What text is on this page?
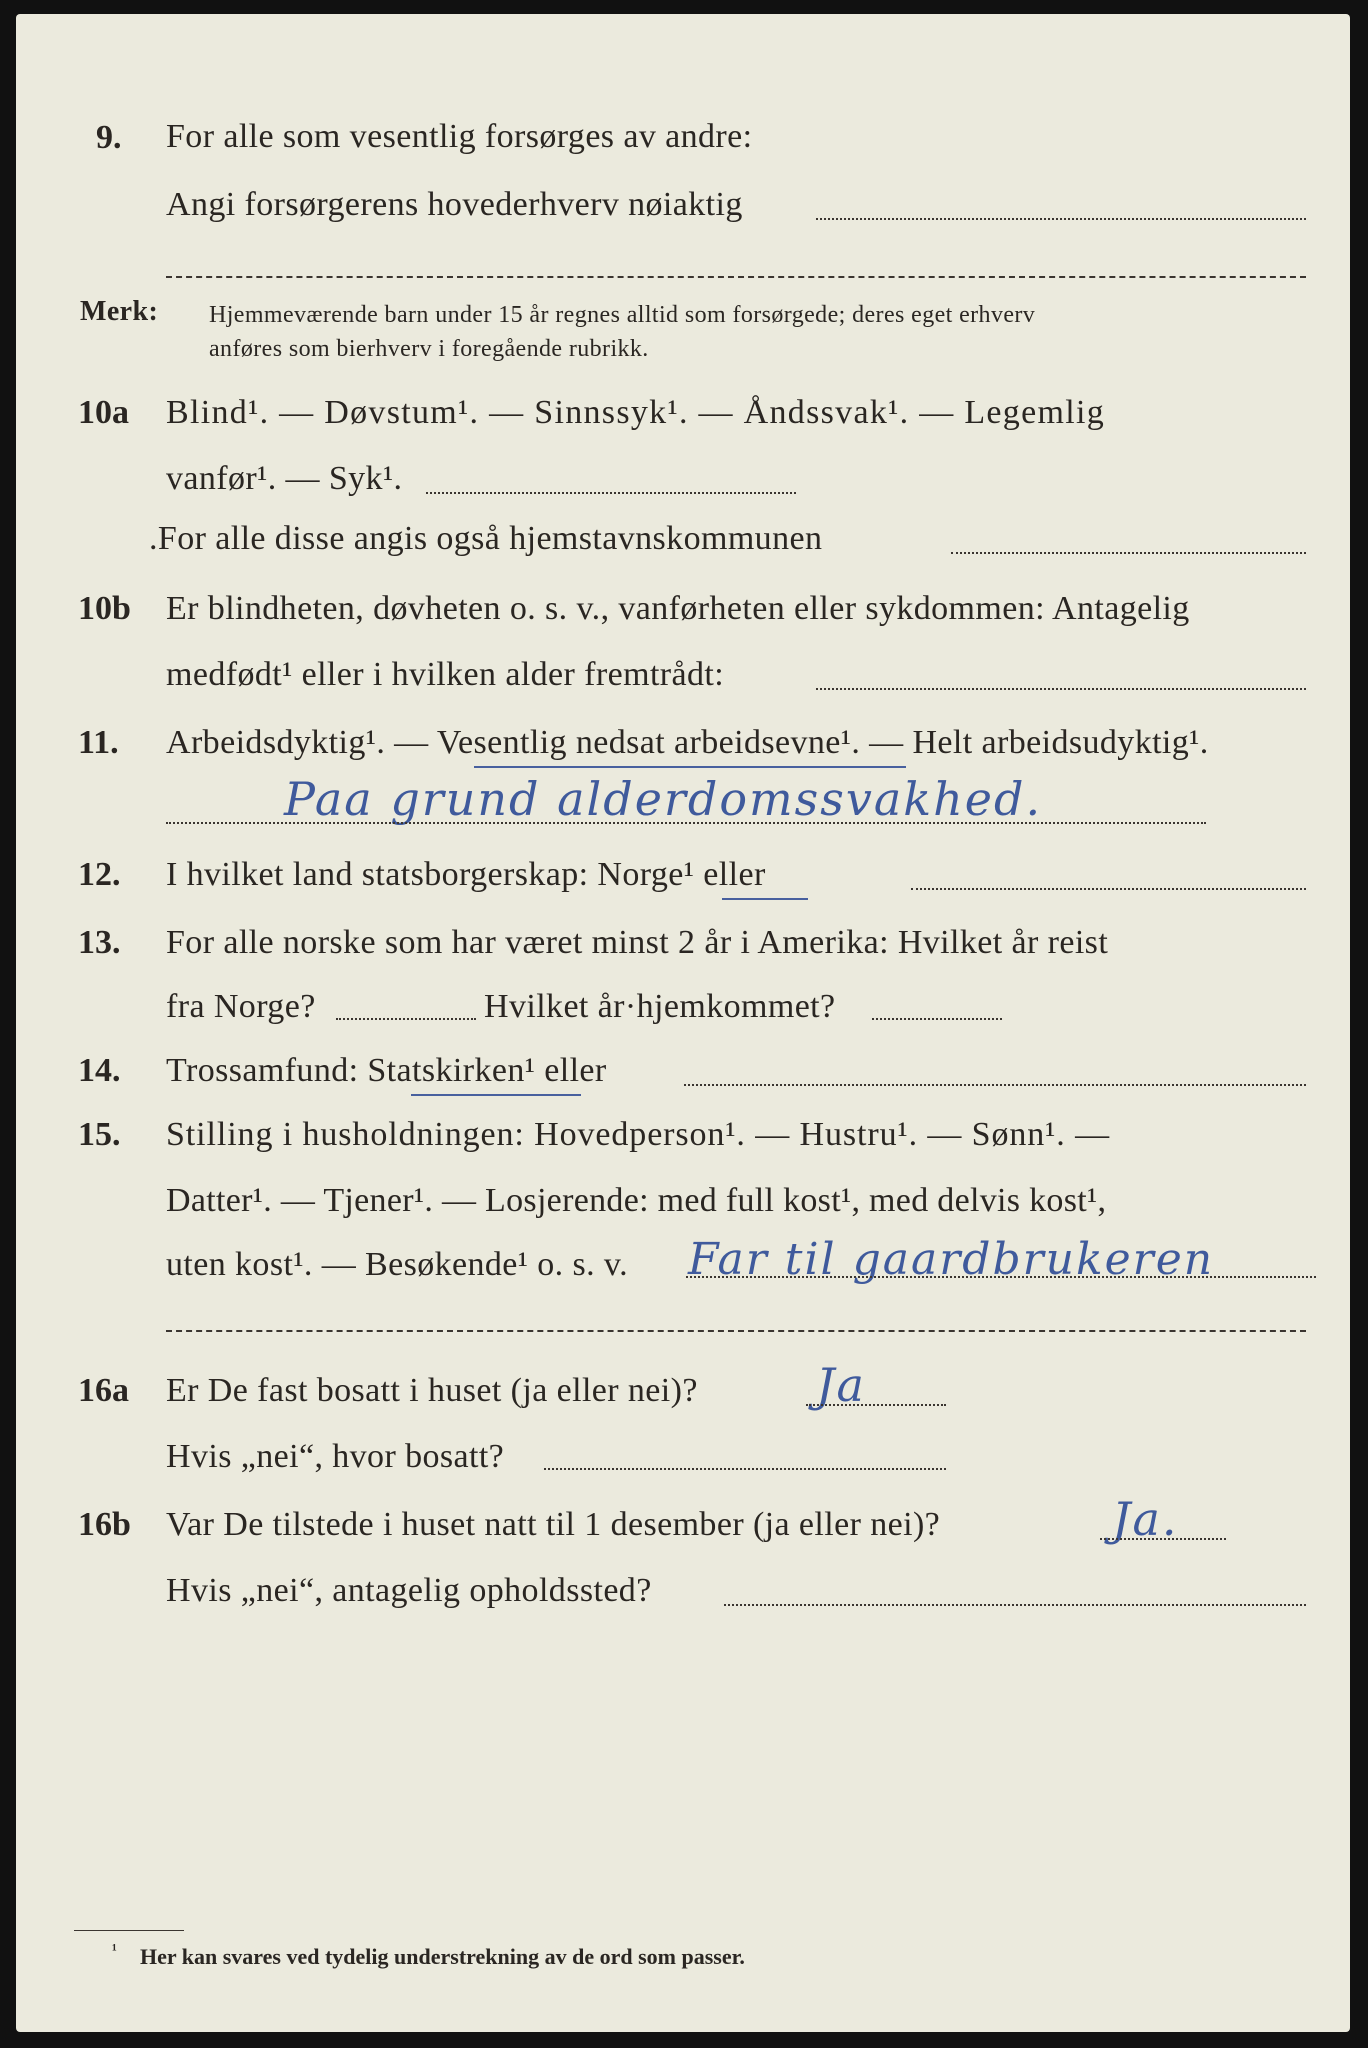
9. For alle som vesentlig forsørges av andre:
Angi forsørgerens hovederhverv nøiaktig
Merk: Hjemmeværende barn under 15 år regnes alltid som forsørgede; deres eget erhverv
anføres som bierhverv i foregående rubrikk.
10a Blind¹. — Døvstum¹. — Sinnssyk¹. — Åndssvak¹. — Legemlig
vanfør¹. — Syk¹.
.For alle disse angis også hjemstavnskommunen
10b Er blindheten, døvheten o. s. v., vanførheten eller sykdommen: Antagelig
medfødt¹ eller i hvilken alder fremtrådt:
11. Arbeidsdyktig¹. — Vesentlig nedsat arbeidsevne¹. — Helt arbeidsudyktig¹.
Paa grund alderdomssvakhed.
12. I hvilket land statsborgerskap: Norge¹ eller
13. For alle norske som har været minst 2 år i Amerika: Hvilket år reist
fra Norge?	Hvilket år·hjemkommet?
14. Trossamfund: Statskirken¹ eller
15. Stilling i husholdningen: Hovedperson¹. — Hustru¹. — Sønn¹. —
Datter¹. — Tjener¹. — Losjerende: med full kost¹, med delvis kost¹,
uten kost¹. — Besøkende¹ o. s. v. Far til gaardbrukeren
16a Er De fast bosatt i huset (ja eller nei)?	Ja
Hvis „nei“, hvor bosatt?
16b Var De tilstede i huset natt til 1 desember (ja eller nei)?	Ja.
Hvis „nei“, antagelig opholdssted?
¹ Her kan svares ved tydelig understrekning av de ord som passer.
